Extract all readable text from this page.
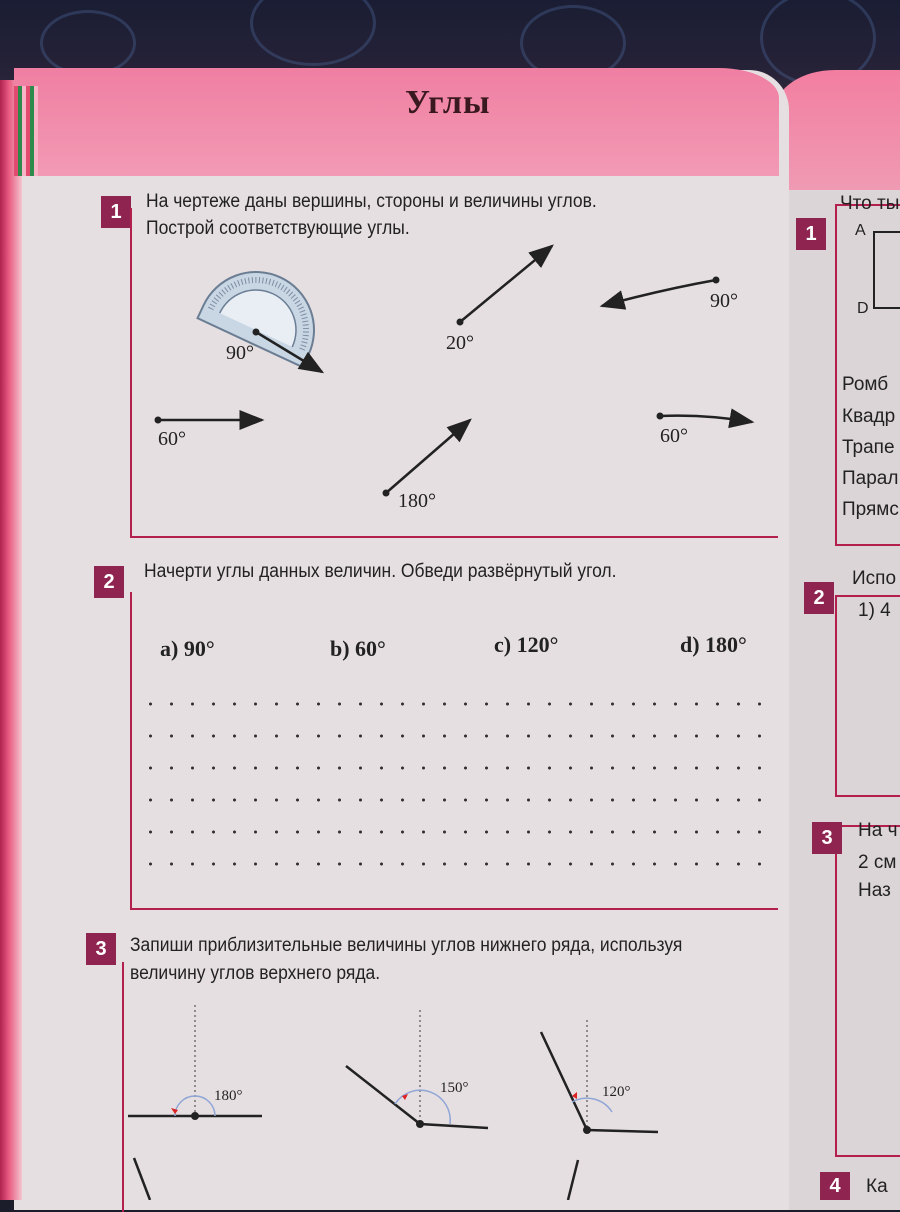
Углы
1	На чертеже даны вершины, стороны и величины углов.
Построй соответствующие углы.
2	Начерти углы данных величин. Обведи развёрнутый угол.
a) 90°	b) 60°	c) 120°	d) 180°
3	Запиши приблизительные величины углов нижнего ряда, используя
величину углов верхнего ряда.
90°	20°
90°
60°
180°
60°
180°	150°	120°
1
Что ты
A
D
Ромб
Квадр
Трапе
Парал
Прямс
2
Испо
1) 4
3	На ч
2 см
Наз
4	Ка
